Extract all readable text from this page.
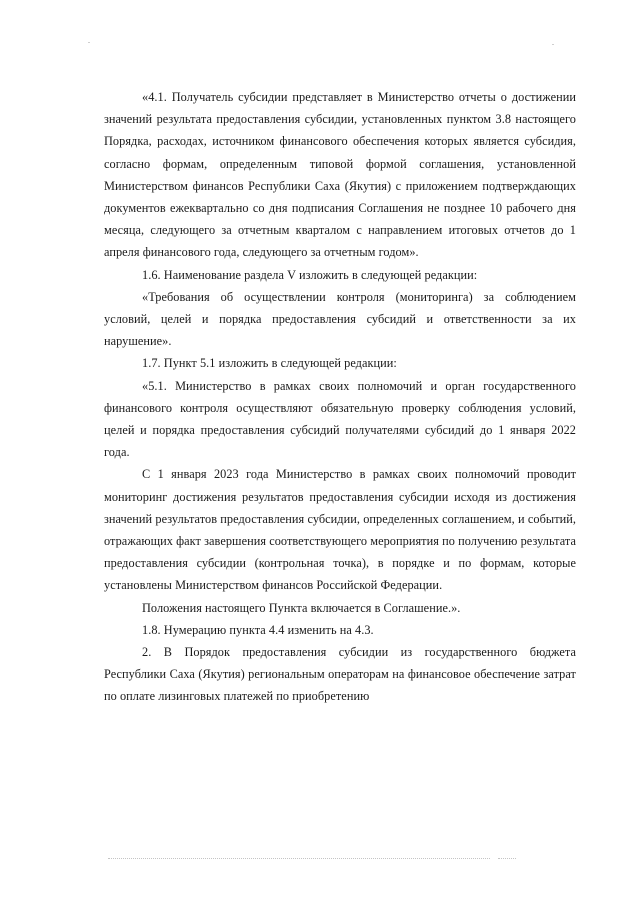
«4.1. Получатель субсидии представляет в Министерство отчеты о достижении значений результата предоставления субсидии, установленных пунктом 3.8 настоящего Порядка, расходах, источником финансового обеспечения которых является субсидия, согласно формам, определенным типовой формой соглашения, установленной Министерством финансов Республики Саха (Якутия) с приложением подтверждающих документов ежеквартально со дня подписания Соглашения не позднее 10 рабочего дня месяца, следующего за отчетным кварталом с направлением итоговых отчетов до 1 апреля финансового года, следующего за отчетным годом».

1.6. Наименование раздела V изложить в следующей редакции:

«Требования об осуществлении контроля (мониторинга) за соблюдением условий, целей и порядка предоставления субсидий и ответственности за их нарушение».

1.7. Пункт 5.1 изложить в следующей редакции:

«5.1. Министерство в рамках своих полномочий и орган государственного финансового контроля осуществляют обязательную проверку соблюдения условий, целей и порядка предоставления субсидий получателями субсидий до 1 января 2022 года.

С 1 января 2023 года Министерство в рамках своих полномочий проводит мониторинг достижения результатов предоставления субсидии исходя из достижения значений результатов предоставления субсидии, определенных соглашением, и событий, отражающих факт завершения соответствующего мероприятия по получению результата предоставления субсидии (контрольная точка), в порядке и по формам, которые установлены Министерством финансов Российской Федерации.

Положения настоящего Пункта включается в Соглашение.».

1.8. Нумерацию пункта 4.4 изменить на 4.3.

2. В Порядок предоставления субсидии из государственного бюджета Республики Саха (Якутия) региональным операторам на финансовое обеспечение затрат по оплате лизинговых платежей по приобретению
